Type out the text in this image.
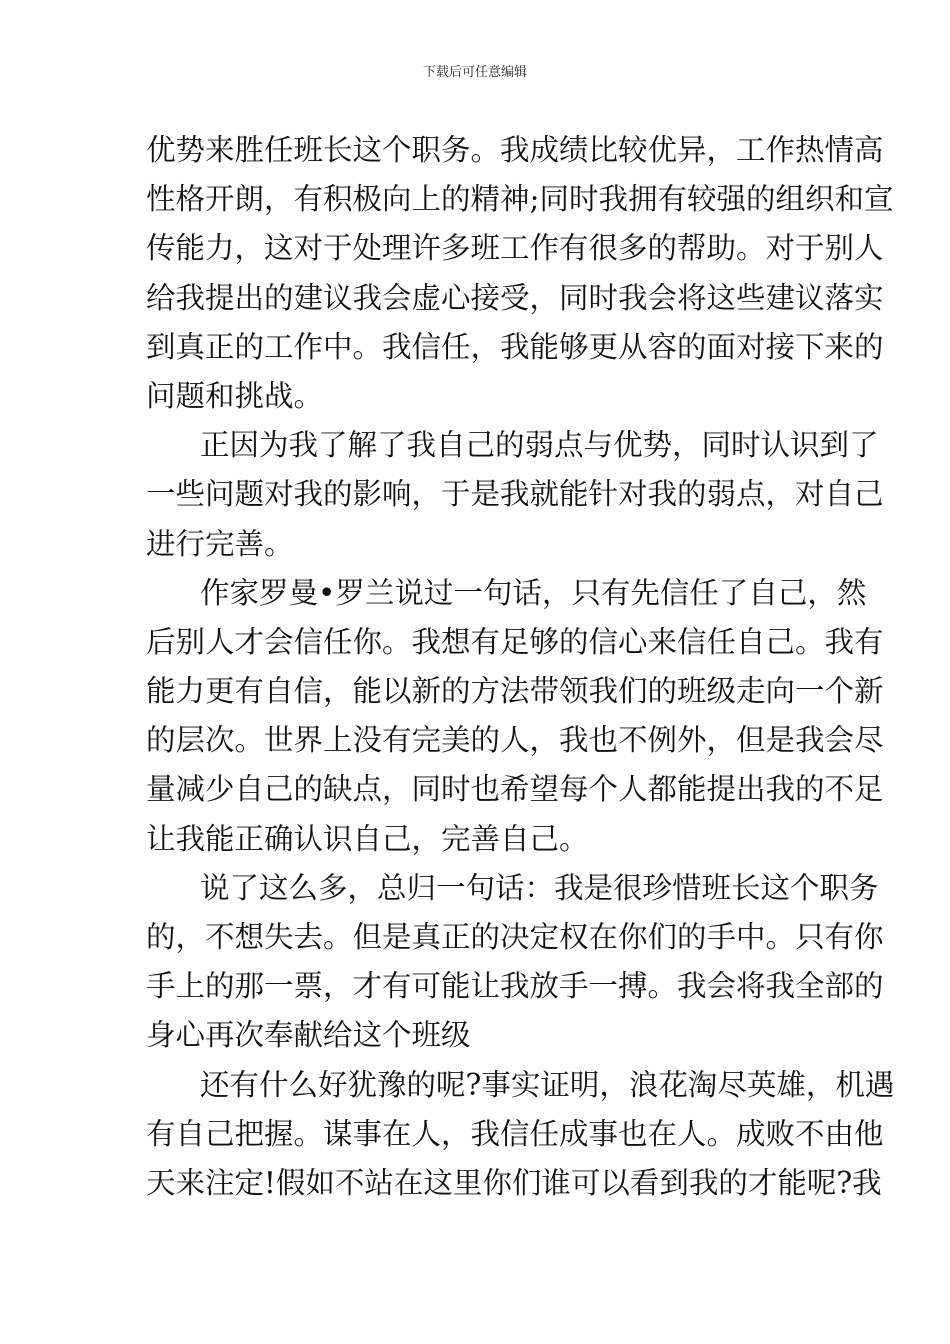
下载后可任意编辑
优势来胜任班长这个职务。我成绩比较优异，工作热情高
性格开朗，有积极向上的精神;同时我拥有较强的组织和宣
传能力，这对于处理许多班工作有很多的帮助。对于别人
给我提出的建议我会虚心接受，同时我会将这些建议落实
到真正的工作中。我信任，我能够更从容的面对接下来的
问题和挑战。
正因为我了解了我自己的弱点与优势，同时认识到了
一些问题对我的影响，于是我就能针对我的弱点，对自己
进行完善。
作家罗曼•罗兰说过一句话，只有先信任了自己，然
后别人才会信任你。我想有足够的信心来信任自己。我有
能力更有自信，能以新的方法带领我们的班级走向一个新
的层次。世界上没有完美的人，我也不例外，但是我会尽
量减少自己的缺点，同时也希望每个人都能提出我的不足
让我能正确认识自己，完善自己。
说了这么多，总归一句话：我是很珍惜班长这个职务
的，不想失去。但是真正的决定权在你们的手中。只有你
手上的那一票，才有可能让我放手一搏。我会将我全部的
身心再次奉献给这个班级
还有什么好犹豫的呢?事实证明，浪花淘尽英雄，机遇
有自己把握。谋事在人，我信任成事也在人。成败不由他
天来注定!假如不站在这里你们谁可以看到我的才能呢?我
